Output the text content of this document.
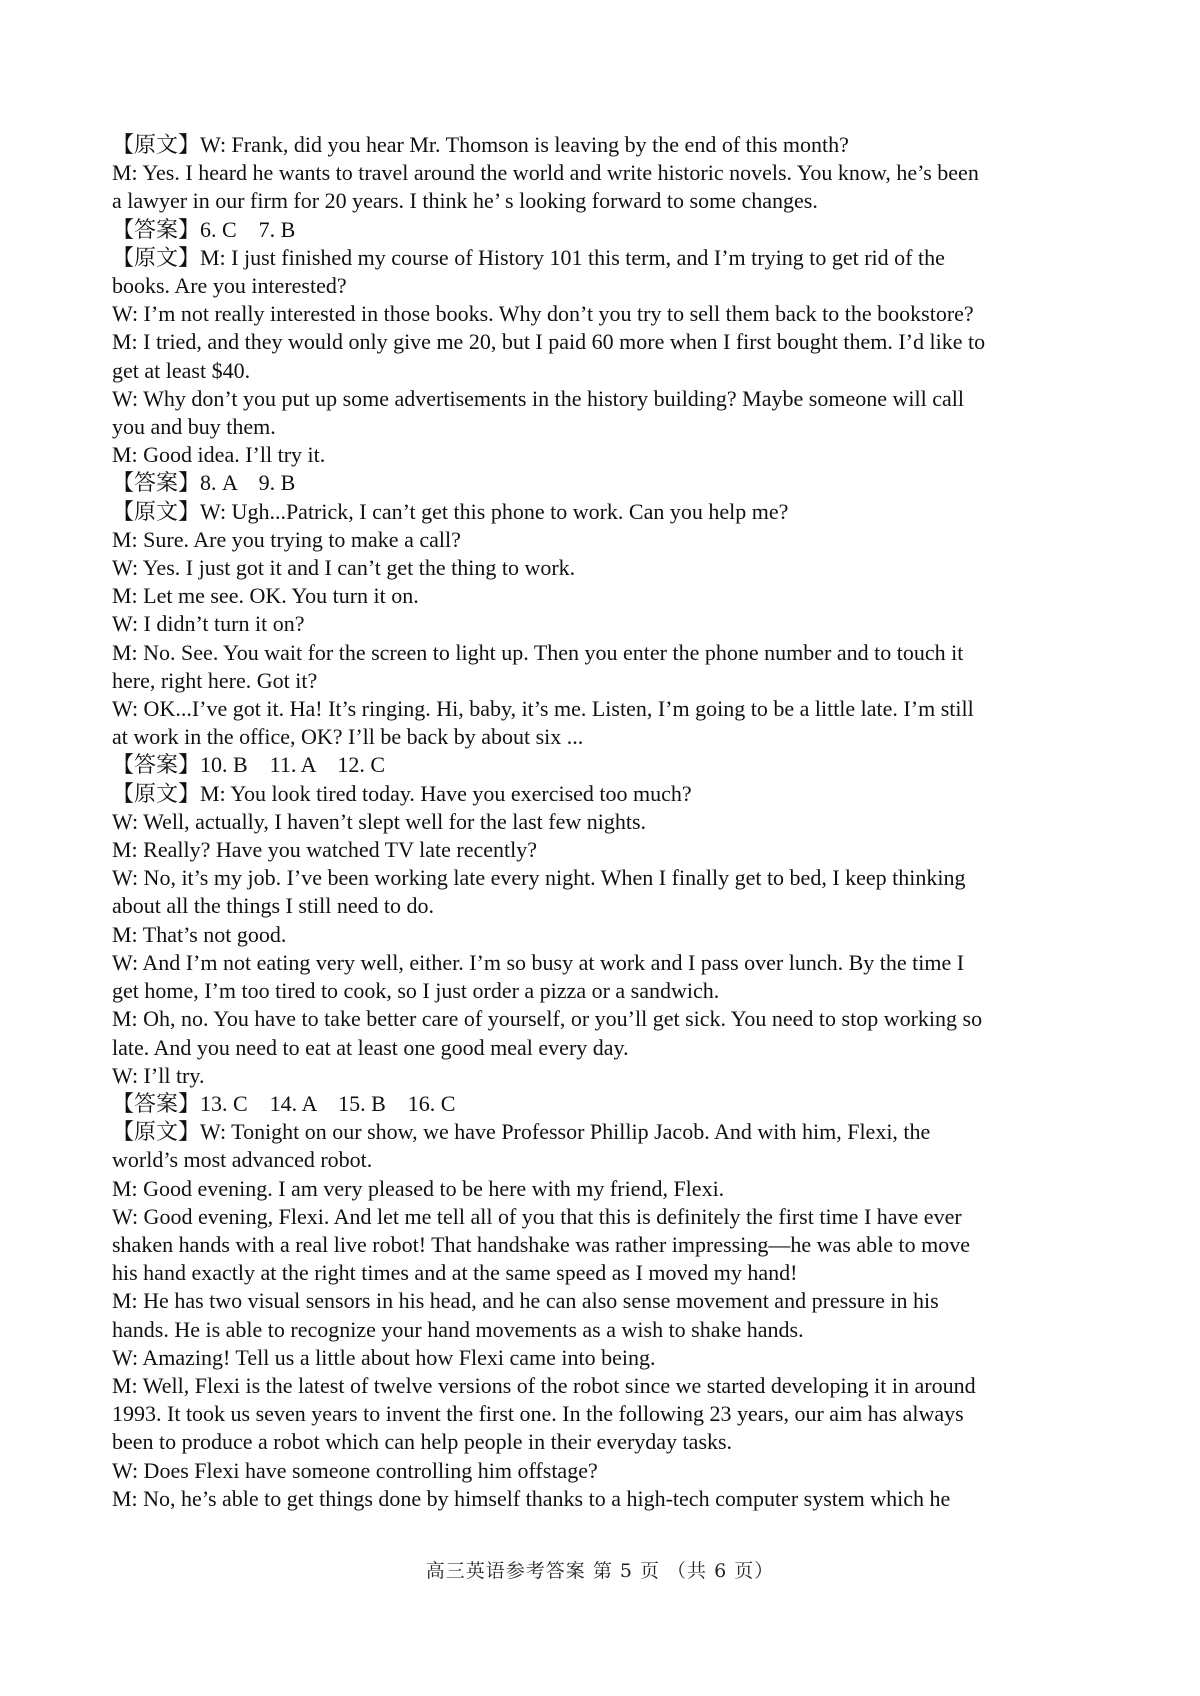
【原文】W: Frank, did you hear Mr. Thomson is leaving by the end of this month?
M: Yes. I heard he wants to travel around the world and write historic novels. You know, he’s been
a lawyer in our firm for 20 years. I think he’ s looking forward to some changes.
【答案】6. C    7. B
【原文】M: I just finished my course of History 101 this term, and I’m trying to get rid of the
books. Are you interested?
W: I’m not really interested in those books. Why don’t you try to sell them back to the bookstore?
M: I tried, and they would only give me 20, but I paid 60 more when I first bought them. I’d like to
get at least $40.
W: Why don’t you put up some advertisements in the history building? Maybe someone will call
you and buy them.
M: Good idea. I’ll try it.
【答案】8. A    9. B
【原文】W: Ugh...Patrick, I can’t get this phone to work. Can you help me?
M: Sure. Are you trying to make a call?
W: Yes. I just got it and I can’t get the thing to work.
M: Let me see. OK. You turn it on.
W: I didn’t turn it on?
M: No. See. You wait for the screen to light up. Then you enter the phone number and to touch it
here, right here. Got it?
W: OK...I’ve got it. Ha! It’s ringing. Hi, baby, it’s me. Listen, I’m going to be a little late. I’m still
at work in the office, OK? I’ll be back by about six ...
【答案】10. B    11. A    12. C
【原文】M: You look tired today. Have you exercised too much?
W: Well, actually, I haven’t slept well for the last few nights.
M: Really? Have you watched TV late recently?
W: No, it’s my job. I’ve been working late every night. When I finally get to bed, I keep thinking
about all the things I still need to do.
M: That’s not good.
W: And I’m not eating very well, either. I’m so busy at work and I pass over lunch. By the time I
get home, I’m too tired to cook, so I just order a pizza or a sandwich.
M: Oh, no. You have to take better care of yourself, or you’ll get sick. You need to stop working so
late. And you need to eat at least one good meal every day.
W: I’ll try.
【答案】13. C    14. A    15. B    16. C
【原文】W: Tonight on our show, we have Professor Phillip Jacob. And with him, Flexi, the
world’s most advanced robot.
M: Good evening. I am very pleased to be here with my friend, Flexi.
W: Good evening, Flexi. And let me tell all of you that this is definitely the first time I have ever
shaken hands with a real live robot! That handshake was rather impressing—he was able to move
his hand exactly at the right times and at the same speed as I moved my hand!
M: He has two visual sensors in his head, and he can also sense movement and pressure in his
hands. He is able to recognize your hand movements as a wish to shake hands.
W: Amazing! Tell us a little about how Flexi came into being.
M: Well, Flexi is the latest of twelve versions of the robot since we started developing it in around
1993. It took us seven years to invent the first one. In the following 23 years, our aim has always
been to produce a robot which can help people in their everyday tasks.
W: Does Flexi have someone controlling him offstage?
M: No, he’s able to get things done by himself thanks to a high-tech computer system which he
高三英语参考答案 第 5 页 （共 6 页）
